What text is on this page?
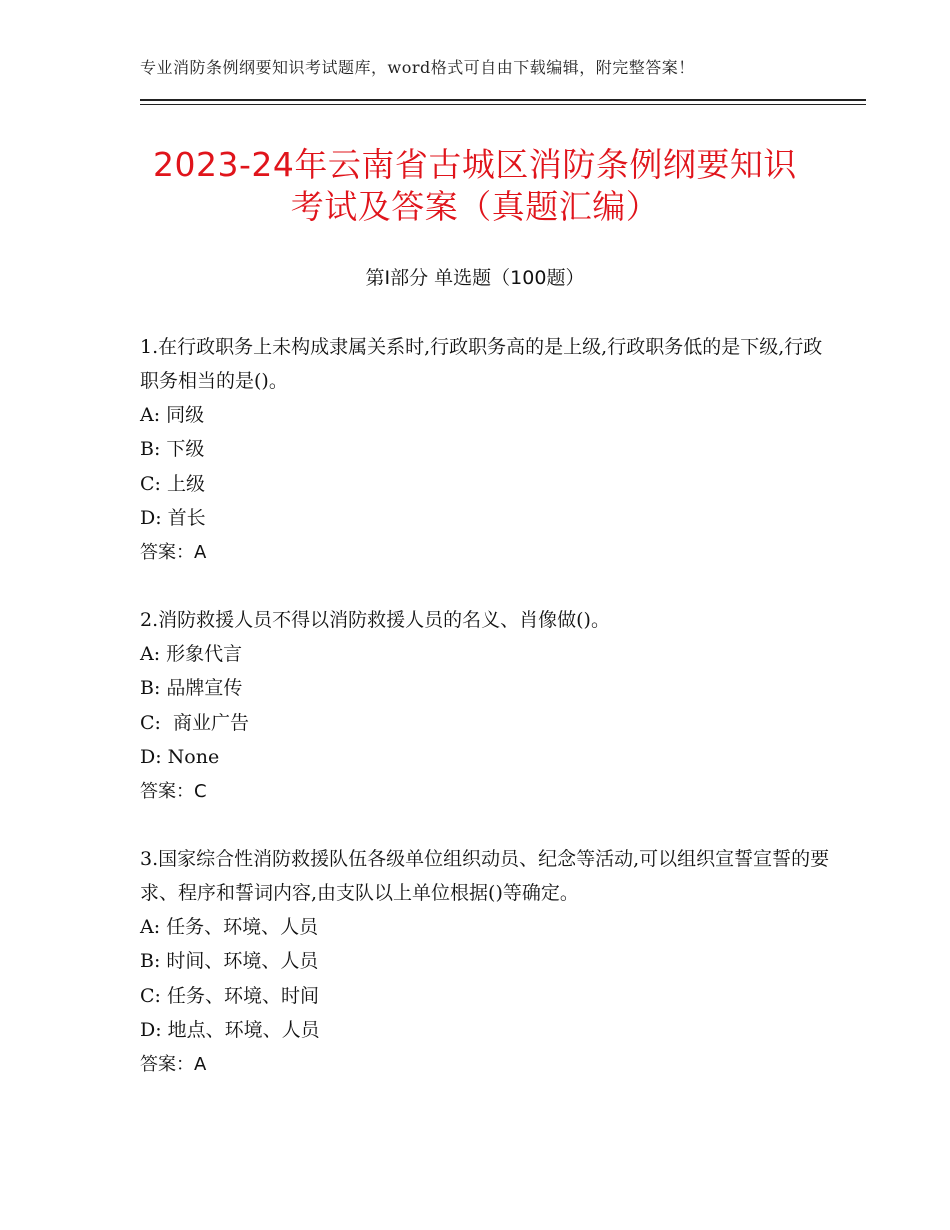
专业消防条例纲要知识考试题库，word格式可自由下载编辑，附完整答案！
2023-24年云南省古城区消防条例纲要知识
考试及答案（真题汇编）
第Ⅰ部分 单选题（100题）

1.在行政职务上未构成隶属关系时,行政职务高的是上级,行政职务低的是下级,行政职务相当的是()。

A: 同级

B: 下级

C: 上级

D: 首长

答案：A

2.消防救援人员不得以消防救援人员的名义、肖像做()。

A: 形象代言

B: 品牌宣传

C:  商业广告

D: None

答案：C

3.国家综合性消防救援队伍各级单位组织动员、纪念等活动,可以组织宣誓宣誓的要求、程序和誓词内容,由支队以上单位根据()等确定。

A: 任务、环境、人员

B: 时间、环境、人员

C: 任务、环境、时间

D: 地点、环境、人员

答案：A
